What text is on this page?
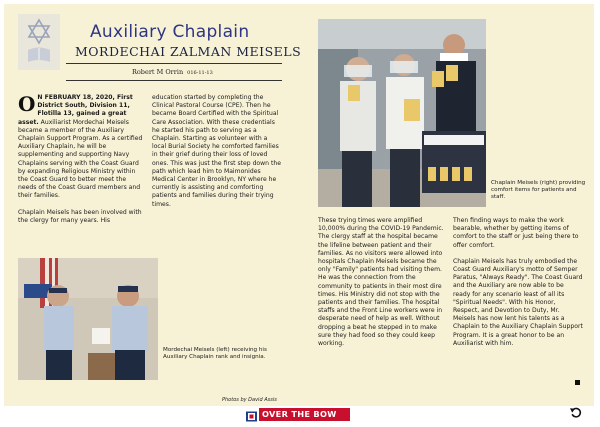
Auxiliary Chaplain
MORDECHAI ZALMAN MEISELS
Robert M Orrin 016-11-13

O N FEBRUARY 18, 2020, First District South, Division 11, Flotilla 13, gained a great asset. Auxiliarist Mordechai Meisels became a member of the Auxiliary Chaplain Support Program. As a certified Auxiliary Chaplain, he will be supplementing and supporting Navy Chaplains serving with the Coast Guard by expanding Religious Ministry within the Coast Guard to better meet the needs of the Coast Guard members and their families.

Chaplain Meisels has been involved with the clergy for many years. His

education started by completing the Clinical Pastoral Course (CPE). Then he became Board Certified with the Spiritual Care Association. With these credentials he started his path to serving as a Chaplain. Starting as volunteer with a local Burial Society he comforted families in their grief during their loss of loved ones. This was just the first step down the path which lead him to Maimonides Medical Center in Brooklyn, NY where he currently is assisting and comforting patients and families during their trying times.

Mordechai Meisels (left) receiving his Auxiliary Chaplain rank and insignia.
Photos by David Assis
Chaplain Meisels (right) providing comfort items for patients and staff.

These trying times were amplified 10,000% during the COVID-19 Pandemic. The clergy staff at the hospital became the lifeline between patient and their families. As no visitors were allowed into hospitals Chaplain Meisels became the only "Family" patients had visiting them. He was the connection from the community to patients in their most dire times. His Ministry did not stop with the patients and their families. The hospital staffs and the Front Line workers were in desperate need of help as well. Without dropping a beat he stepped in to make sure they had food so they could keep working.

Then finding ways to make the work bearable, whether by getting items of comfort to the staff or just being there to offer comfort.

Chaplain Meisels has truly embodied the Coast Guard Auxiliary's motto of Semper Paratus, "Always Ready". The Coast Guard and the Auxiliary are now able to be ready for any scenario least of all its "Spiritual Needs". With his Honor, Respect, and Devotion to Duty, Mr. Meisels has now lent his talents as a Chaplain to the Auxiliary Chaplain Support Program. It is a great honor to be an Auxiliarist with him.

OVER THE BOW
